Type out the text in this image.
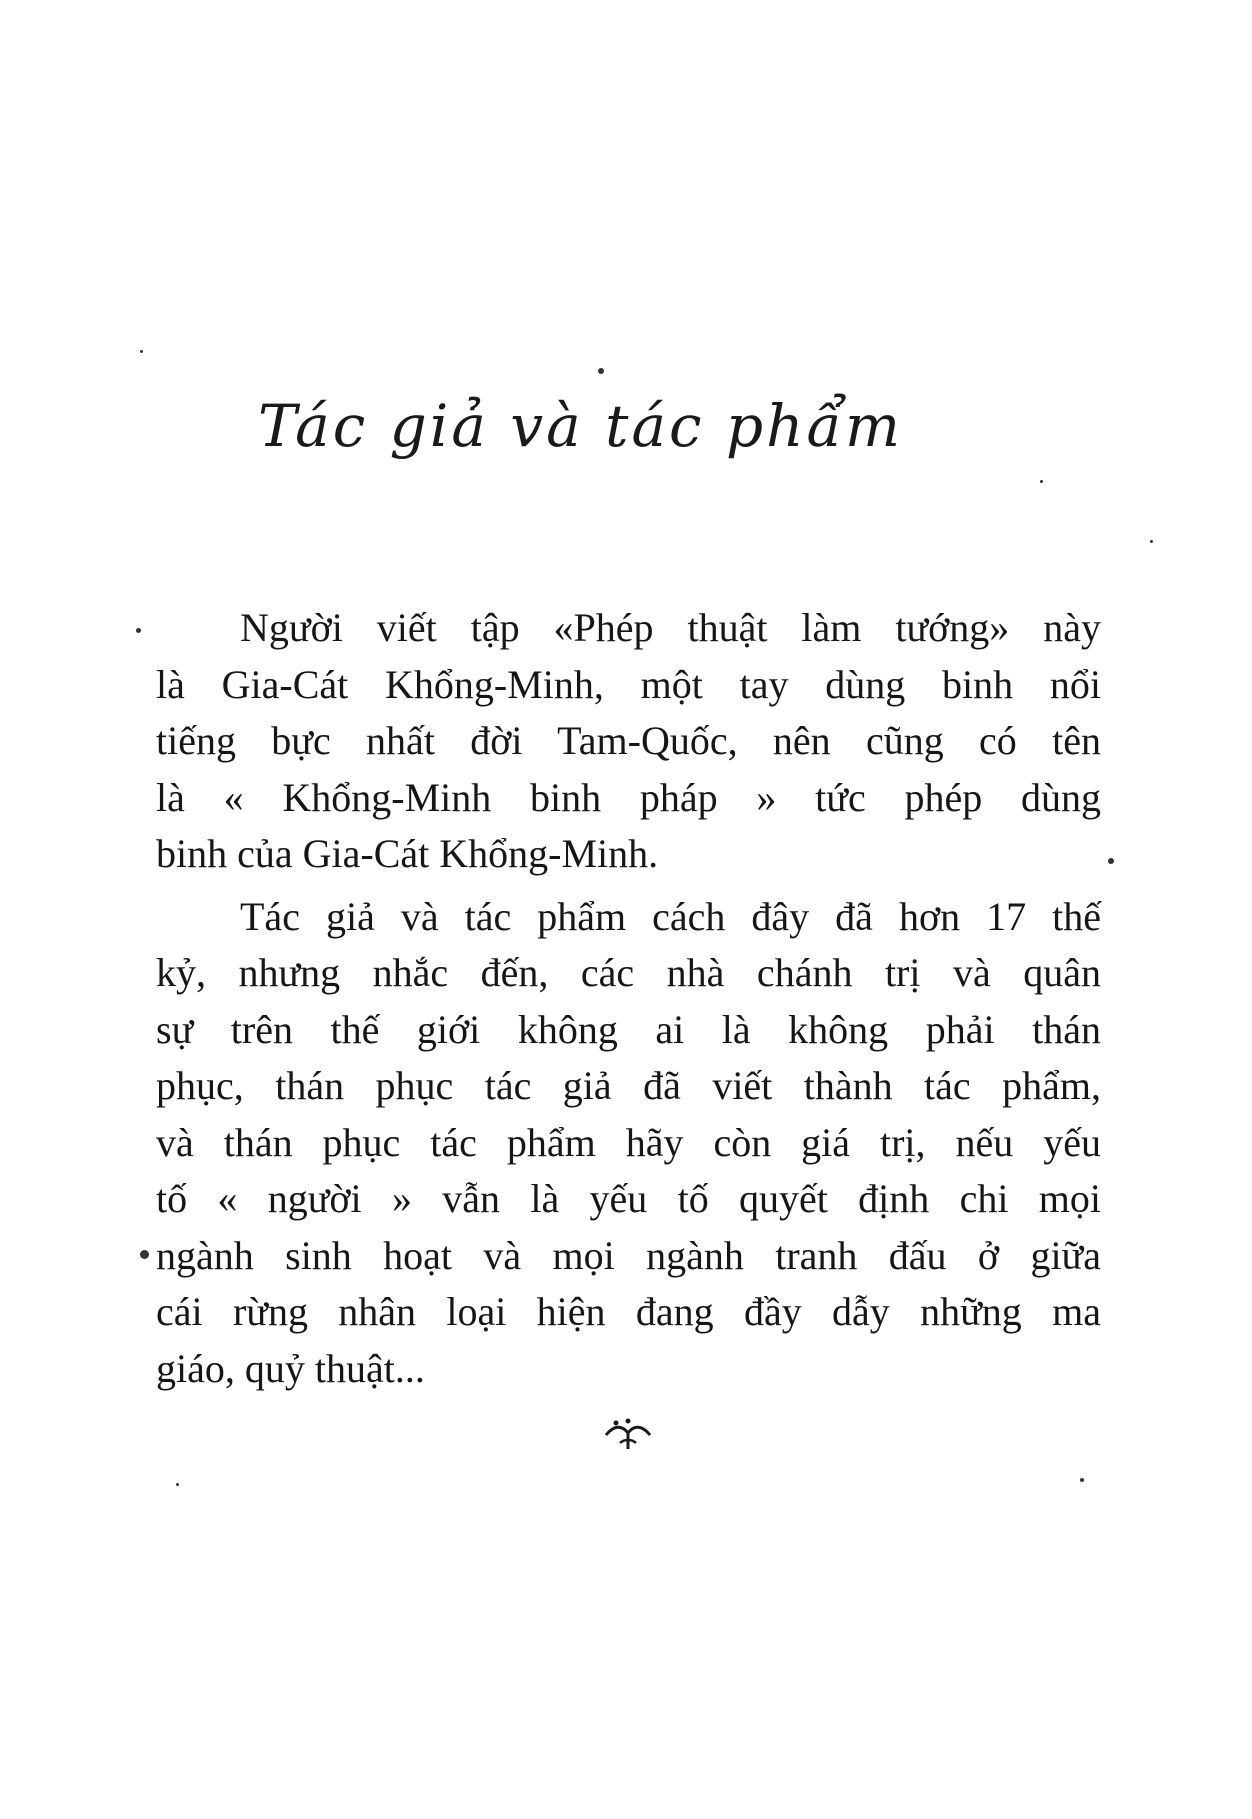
Tác giả và tác phẩm
Người viết tập «Phép thuật làm tướng» này
là Gia-Cát Khổng-Minh, một tay dùng binh nổi
tiếng bực nhất đời Tam-Quốc, nên cũng có tên
là « Khổng-Minh binh pháp » tức phép dùng
binh của Gia-Cát Khổng-Minh.
Tác giả và tác phẩm cách đây đã hơn 17 thế
kỷ, nhưng nhắc đến, các nhà chánh trị và quân
sự trên thế giới không ai là không phải thán
phục, thán phục tác giả đã viết thành tác phẩm,
và thán phục tác phẩm hãy còn giá trị, nếu yếu
tố « người » vẫn là yếu tố quyết định chi mọi
ngành sinh hoạt và mọi ngành tranh đấu ở giữa
cái rừng nhân loại hiện đang đầy dẫy những ma
giáo, quỷ thuật...
